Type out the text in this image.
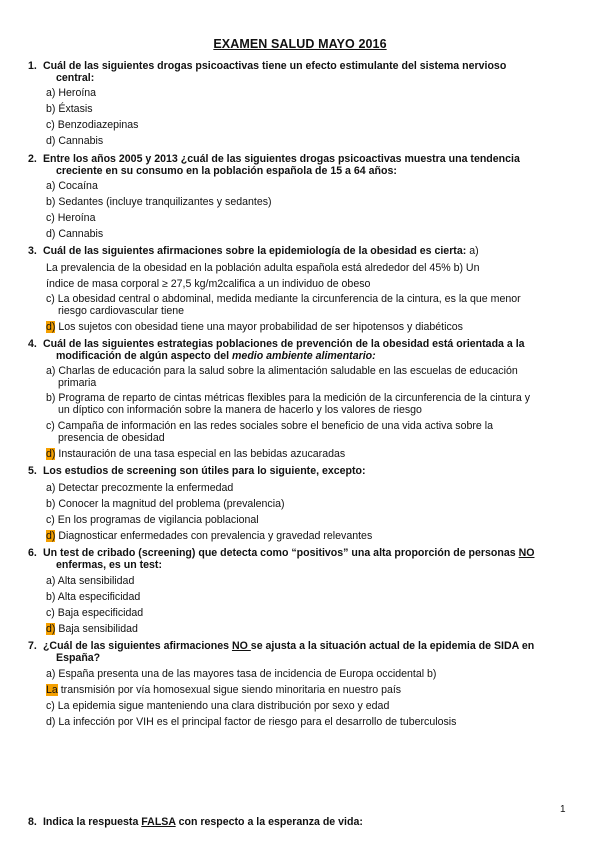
EXAMEN SALUD MAYO 2016
1. Cuál de las siguientes drogas psicoactivas tiene un efecto estimulante del sistema nervioso
central:
a) Heroína
b) Éxtasis
c) Benzodiazepinas
d) Cannabis
2. Entre los años 2005 y 2013 ¿cuál de las siguientes drogas psicoactivas muestra una tendencia
creciente en su consumo en la población española de 15 a 64 años:
a) Cocaína
b) Sedantes (incluye tranquilizantes y sedantes)
c) Heroína
d) Cannabis
3. Cuál de las siguientes afirmaciones sobre la epidemiología de la obesidad es cierta: a)
La prevalencia de la obesidad en la población adulta española está alrededor del 45% b) Un
índice de masa corporal ≥ 27,5 kg/m2califica a un individuo de obeso
c) La obesidad central o abdominal, medida mediante la circunferencia de la cintura, es la que menor
riesgo cardiovascular tiene
d) Los sujetos con obesidad tiene una mayor probabilidad de ser hipotensos y diabéticos
4. Cuál de las siguientes estrategias poblaciones de prevención de la obesidad está orientada a la
modificación de algún aspecto del medio ambiente alimentario:
a) Charlas de educación para la salud sobre la alimentación saludable en las escuelas de educación
primaria
b) Programa de reparto de cintas métricas flexibles para la medición de la circunferencia de la cintura y
un díptico con información sobre la manera de hacerlo y los valores de riesgo
c) Campaña de información en las redes sociales sobre el beneficio de una vida activa sobre la
presencia de obesidad
d) Instauración de una tasa especial en las bebidas azucaradas
5. Los estudios de screening son útiles para lo siguiente, excepto:
a) Detectar precozmente la enfermedad
b) Conocer la magnitud del problema (prevalencia)
c) En los programas de vigilancia poblacional
d) Diagnosticar enfermedades con prevalencia y gravedad relevantes
6. Un test de cribado (screening) que detecta como “positivos” una alta proporción de personas NO
enfermas, es un test:
a) Alta sensibilidad
b) Alta especificidad
c) Baja especificidad
d) Baja sensibilidad
7. ¿Cuál de las siguientes afirmaciones NO se ajusta a la situación actual de la epidemia de SIDA en
España?
a) España presenta una de las mayores tasa de incidencia de Europa occidental b)
La transmisión por vía homosexual sigue siendo minoritaria en nuestro país
c) La epidemia sigue manteniendo una clara distribución por sexo y edad
d) La infección por VIH es el principal factor de riesgo para el desarrollo de tuberculosis
1
8. Indica la respuesta FALSA con respecto a la esperanza de vida:
